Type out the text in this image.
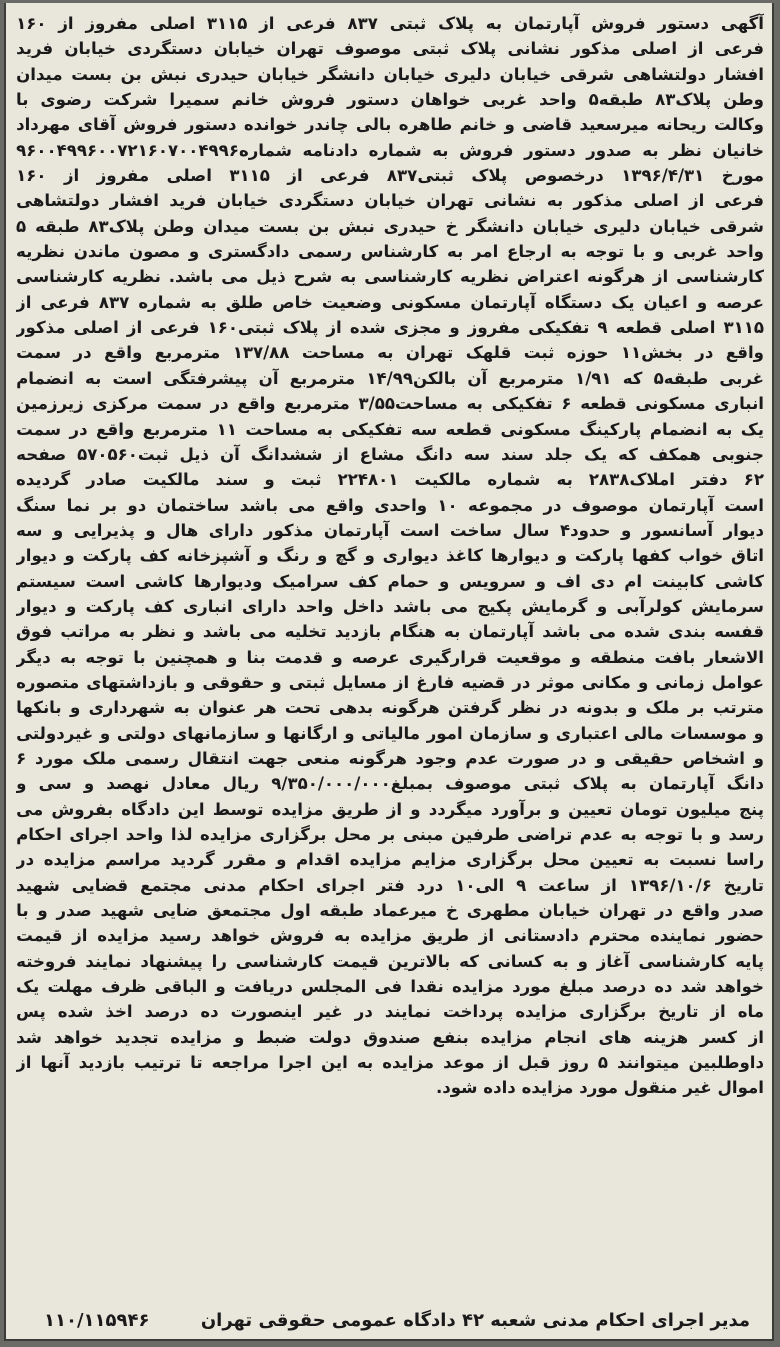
آگهی
دستور
فروش
آپارتمان
به
پلاک
ثبتی
۸۳۷
فرعی
از
۳۱۱۵
اصلی
مفروز
از
۱۶۰
فرعی
از
اصلی
مذکور
نشانی
پلاک
ثبتی
موصوف
تهران
خیابان
دستگردی
خیابان
فرید
افشار
دولتشاهی
شرقی
خیابان
دلیری
خیابان
دانشگر
خیابان
حیدری
نبش
بن
بست
میدان
وطن
پلاک۸۳
طبقه۵
واحد
غربی
خواهان
دستور
فروش
خانم
سمیرا
شرکت
رضوی
با
وکالت
ریحانه
میرسعید
قاضی
و
خانم
طاهره
بالی
چاندر
خوانده
دستور
فروش
آقای
مهرداد
خانیان
نظر
به
صدور
دستور
فروش
به
شماره
دادنامه
شماره۹۶۰۰۴۹۹۶۰۰۷۲۱۶۰۷۰۰۴۹۹۶
مورخ
۱۳۹۶/۴/۳۱
درخصوص
پلاک
ثبتی۸۳۷
فرعی
از
۳۱۱۵
اصلی
مفروز
از
۱۶۰
فرعی
از
اصلی
مذکور
به
نشانی
تهران
خیابان
دستگردی
خیابان
فرید
افشار
دولتشاهی
شرقی
خیابان
دلیری
خیابان
دانشگر
خ
حیدری
نبش
بن
بست
میدان
وطن
پلاک۸۳
طبقه
۵
واحد
غربی
و
با
توجه
به
ارجاع
امر
به
کارشناس
رسمی
دادگستری
و
مصون
ماندن
نظریه
کارشناسی
از
هرگونه
اعتراض
نظریه
کارشناسی
به
شرح
ذیل
می
باشد.
نظریه
کارشناسی
عرصه
و
اعیان
یک
دستگاه
آپارتمان
مسکونی
وضعیت
خاص
طلق
به
شماره
۸۳۷
فرعی
از
۳۱۱۵
اصلی
قطعه
۹
تفکیکی
مفروز
و
مجزی
شده
از
پلاک
ثبتی۱۶۰
فرعی
از
اصلی
مذکور
واقع
در
بخش۱۱
حوزه
ثبت
قلهک
تهران
به
مساحت
۱۳۷/۸۸
مترمربع
واقع
در
سمت
غربی
طبقه۵
که
۱/۹۱
مترمربع
آن
بالکن۱۴/۹۹
مترمربع
آن
پیشرفتگی
است
به
انضمام
انباری
مسکونی
قطعه
۶
تفکیکی
به
مساحت۳/۵۵
مترمربع
واقع
در
سمت
مرکزی
زیرزمین
یک
به
انضمام
پارکینگ
مسکونی
قطعه
سه
تفکیکی
به
مساحت
۱۱
مترمربع
واقع
در
سمت
جنوبی
همکف
که
یک
جلد
سند
سه
دانگ
مشاع
از
ششدانگ
آن
ذیل
ثبت۵۷۰۵۶۰
صفحه
۶۲
دفتر
املاک۲۸۳۸
به
شماره
مالکیت
۲۲۴۸۰۱
ثبت
و
سند
مالکیت
صادر
گردیده
است
آپارتمان
موصوف
در
مجموعه
۱۰
واحدی
واقع
می
باشد
ساختمان
دو
بر
نما
سنگ
دیوار
آسانسور
و
حدود۴
سال
ساخت
است
آپارتمان
مذکور
دارای
هال
و
پذیرایی
و
سه
اتاق
خواب
کفها
پارکت
و
دیوارها
کاغذ
دیواری
و
گچ
و
رنگ
و
آشپزخانه
کف
پارکت
و
دیوار
کاشی
کابینت
ام
دی
اف
و
سرویس
و
حمام
کف
سرامیک
ودیوارها
کاشی
است
سیستم
سرمایش
کولرآبی
و
گرمایش
پکیج
می
باشد
داخل
واحد
دارای
انباری
کف
پارکت
و
دیوار
قفسه
بندی
شده
می
باشد
آپارتمان
به
هنگام
بازدید
تخلیه
می
باشد
و
نظر
به
مراتب
فوق
الاشعار
بافت
منطقه
و
موقعیت
قرارگیری
عرصه
و
قدمت
بنا
و
همچنین
با
توجه
به
دیگر
عوامل
زمانی
و
مکانی
موثر
در
قضیه
فارغ
از
مسایل
ثبتی
و
حقوقی
و
بازداشتهای
متصوره
مترتب
بر
ملک
و
بدونه
در
نظر
گرفتن
هرگونه
بدهی
تحت
هر
عنوان
به
شهرداری
و
بانکها
و
موسسات
مالی
اعتباری
و
سازمان
امور
مالیاتی
و
ارگانها
و
سازمانهای
دولتی
و
غیردولتی
و
اشخاص
حقیقی
و
در
صورت
عدم
وجود
هرگونه
منعی
جهت
انتقال
رسمی
ملک
مورد
۶
دانگ
آپارتمان
به
پلاک
ثبتی
موصوف
بمبلغ۹/۳۵۰/۰۰۰/۰۰۰
ریال
معادل
نهصد
و
سی
و
پنج
میلیون
تومان
تعیین
و
برآورد
میگردد
و
از
طریق
مزایده
توسط
این
دادگاه
بفروش
می
رسد
و
با
توجه
به
عدم
تراضی
طرفین
مبنی
بر
محل
برگزاری
مزایده
لذا
واحد
اجرای
احکام
راسا
نسبت
به
تعیین
محل
برگزاری
مزایم
مزایده
اقدام
و
مقرر
گردید
مراسم
مزایده
در
تاریخ
۱۳۹۶/۱۰/۶
از
ساعت
۹
الی۱۰
درد
فتر
اجرای
احکام
مدنی
مجتمع
قضایی
شهید
صدر
واقع
در
تهران
خیابان
مطهری
خ
میرعماد
طبقه
اول
مجتمعق
ضایی
شهید
صدر
و
با
حضور
نماینده
محترم
دادستانی
از
طریق
مزایده
به
فروش
خواهد
رسید
مزایده
از
قیمت
پایه
کارشناسی
آغاز
و
به
کسانی
که
بالاترین
قیمت
کارشناسی
را
پیشنهاد
نمایند
فروخته
خواهد
شد
ده
درصد
مبلغ
مورد
مزایده
نقدا
فی
المجلس
دریافت
و
الباقی
ظرف
مهلت
یک
ماه
از
تاریخ
برگزاری
مزایده
پرداخت
نمایند
در
غیر
اینصورت
ده
درصد
اخذ
شده
پس
از
کسر
هزینه
های
انجام
مزایده
بنفع
صندوق
دولت
ضبط
و
مزایده
تجدید
خواهد
شد
داوطلبین
میتوانند
۵
روز
قبل
از
موعد
مزایده
به
این
اجرا
مراجعه
تا
ترتیب
بازدید
آنها
از
اموال غیر منقول مورد مزایده داده شود.
مدیر اجرای احکام مدنی شعبه ۴۲ دادگاه عمومی حقوقی تهران
۱۱۰/۱۱۵۹۴۶
